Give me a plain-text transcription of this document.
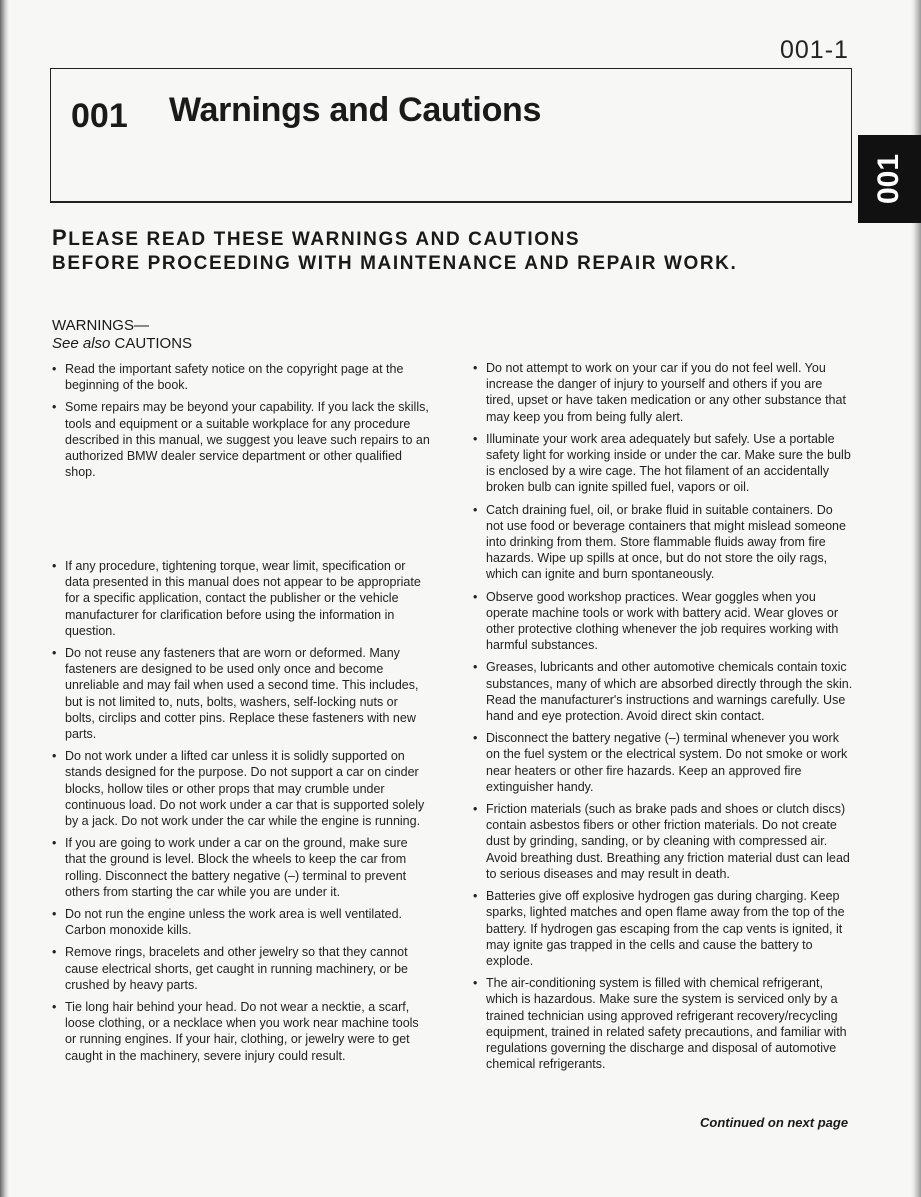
001-1
001 Warnings and Cautions
001
PLEASE READ THESE WARNINGS AND CAUTIONS
BEFORE PROCEEDING WITH MAINTENANCE AND REPAIR WORK.
WARNINGS—
See also CAUTIONS
• Read the important safety notice on the copyright page at the beginning of the book.
• Some repairs may be beyond your capability. If you lack the skills, tools and equipment or a suitable workplace for any procedure described in this manual, we suggest you leave such repairs to an authorized BMW dealer service department or other qualified shop.
• If any procedure, tightening torque, wear limit, specification or data presented in this manual does not appear to be appropriate for a specific application, contact the publisher or the vehicle manufacturer for clarification before using the information in question.
• Do not reuse any fasteners that are worn or deformed. Many fasteners are designed to be used only once and become unreliable and may fail when used a second time. This includes, but is not limited to, nuts, bolts, washers, self-locking nuts or bolts, circlips and cotter pins. Replace these fasteners with new parts.
• Do not work under a lifted car unless it is solidly supported on stands designed for the purpose. Do not support a car on cinder blocks, hollow tiles or other props that may crumble under continuous load. Do not work under a car that is supported solely by a jack. Do not work under the car while the engine is running.
• If you are going to work under a car on the ground, make sure that the ground is level. Block the wheels to keep the car from rolling. Disconnect the battery negative (–) terminal to prevent others from starting the car while you are under it.
• Do not run the engine unless the work area is well ventilated. Carbon monoxide kills.
• Remove rings, bracelets and other jewelry so that they cannot cause electrical shorts, get caught in running machinery, or be crushed by heavy parts.
• Tie long hair behind your head. Do not wear a necktie, a scarf, loose clothing, or a necklace when you work near machine tools or running engines. If your hair, clothing, or jewelry were to get caught in the machinery, severe injury could result.
• Do not attempt to work on your car if you do not feel well. You increase the danger of injury to yourself and others if you are tired, upset or have taken medication or any other substance that may keep you from being fully alert.
• Illuminate your work area adequately but safely. Use a portable safety light for working inside or under the car. Make sure the bulb is enclosed by a wire cage. The hot filament of an accidentally broken bulb can ignite spilled fuel, vapors or oil.
• Catch draining fuel, oil, or brake fluid in suitable containers. Do not use food or beverage containers that might mislead someone into drinking from them. Store flammable fluids away from fire hazards. Wipe up spills at once, but do not store the oily rags, which can ignite and burn spontaneously.
• Observe good workshop practices. Wear goggles when you operate machine tools or work with battery acid. Wear gloves or other protective clothing whenever the job requires working with harmful substances.
• Greases, lubricants and other automotive chemicals contain toxic substances, many of which are absorbed directly through the skin. Read the manufacturer's instructions and warnings carefully. Use hand and eye protection. Avoid direct skin contact.
• Disconnect the battery negative (–) terminal whenever you work on the fuel system or the electrical system. Do not smoke or work near heaters or other fire hazards. Keep an approved fire extinguisher handy.
• Friction materials (such as brake pads and shoes or clutch discs) contain asbestos fibers or other friction materials. Do not create dust by grinding, sanding, or by cleaning with compressed air. Avoid breathing dust. Breathing any friction material dust can lead to serious diseases and may result in death.
• Batteries give off explosive hydrogen gas during charging. Keep sparks, lighted matches and open flame away from the top of the battery. If hydrogen gas escaping from the cap vents is ignited, it may ignite gas trapped in the cells and cause the battery to explode.
• The air-conditioning system is filled with chemical refrigerant, which is hazardous. Make sure the system is serviced only by a trained technician using approved refrigerant recovery/recycling equipment, trained in related safety precautions, and familiar with regulations governing the discharge and disposal of automotive chemical refrigerants.
Continued on next page
